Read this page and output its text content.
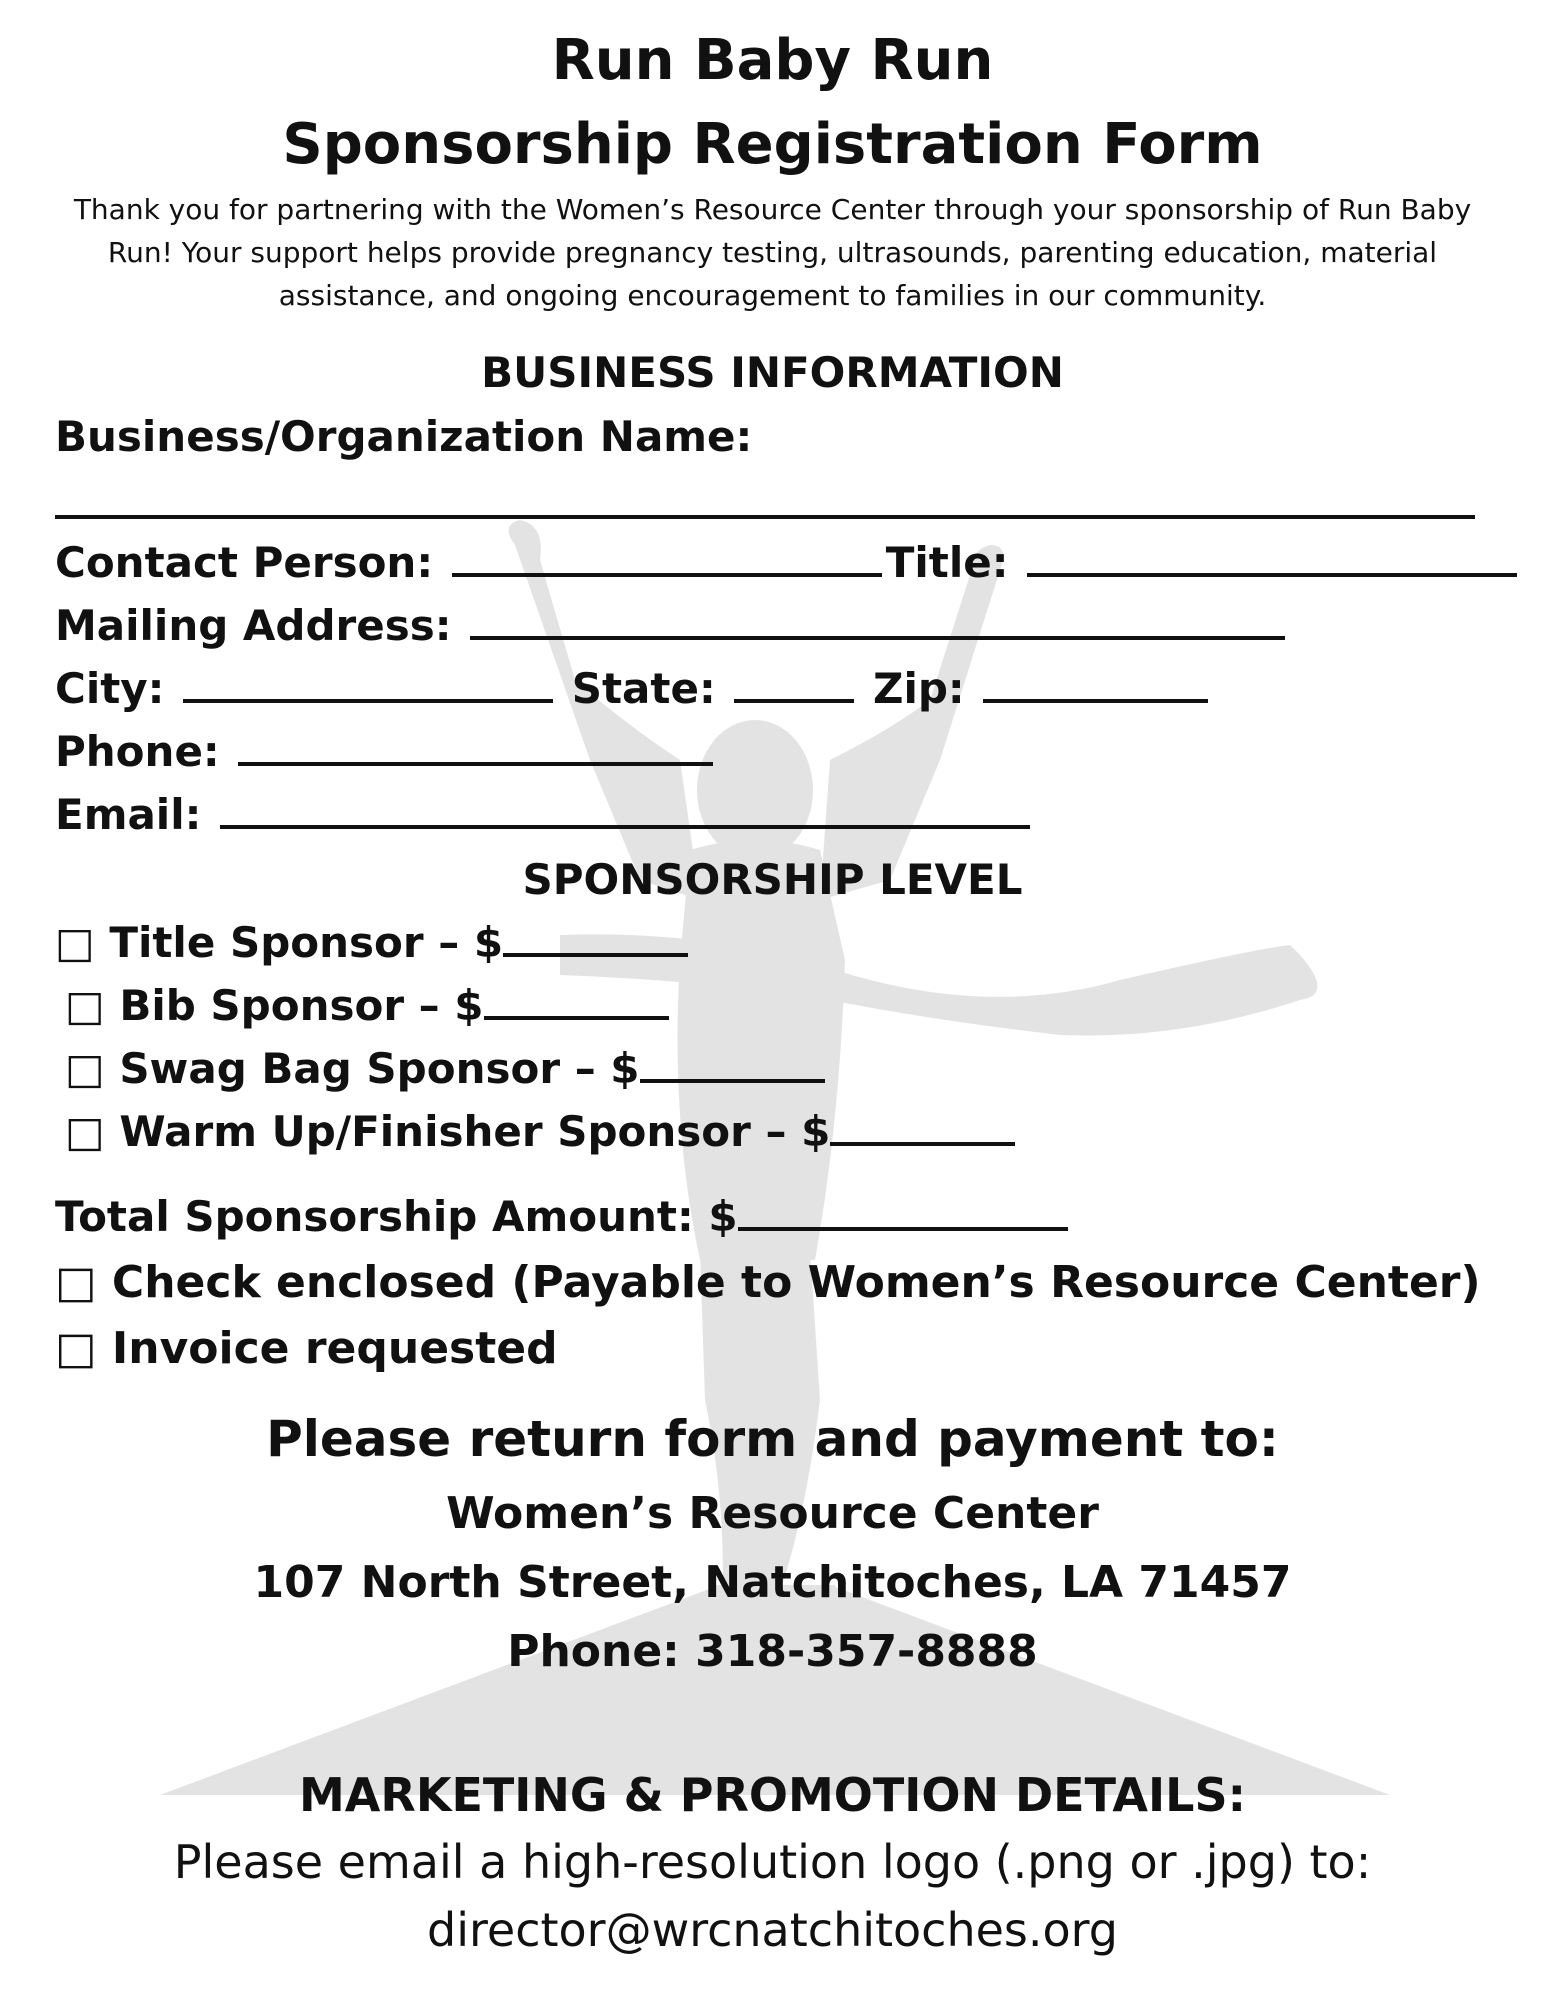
Run Baby Run
Sponsorship Registration Form
Thank you for partnering with the Women’s Resource Center through your sponsorship of Run Baby Run! Your support helps provide pregnancy testing, ultrasounds, parenting education, material assistance, and ongoing encouragement to families in our community.
BUSINESS INFORMATION
Business/Organization Name:
Contact Person:	Title:
Mailing Address:
City:	State:	Zip:
Phone:
Email:
SPONSORSHIP LEVEL
□ Title Sponsor – $
□ Bib Sponsor – $
□ Swag Bag Sponsor – $
□ Warm Up/Finisher Sponsor – $
Total Sponsorship Amount: $
□ Check enclosed (Payable to Women’s Resource Center)
□ Invoice requested
Please return form and payment to:
Women’s Resource Center
107 North Street, Natchitoches, LA 71457
Phone: 318-357-8888
MARKETING & PROMOTION DETAILS:
Please email a high-resolution logo (.png or .jpg) to:
director@wrcnatchitoches.org
